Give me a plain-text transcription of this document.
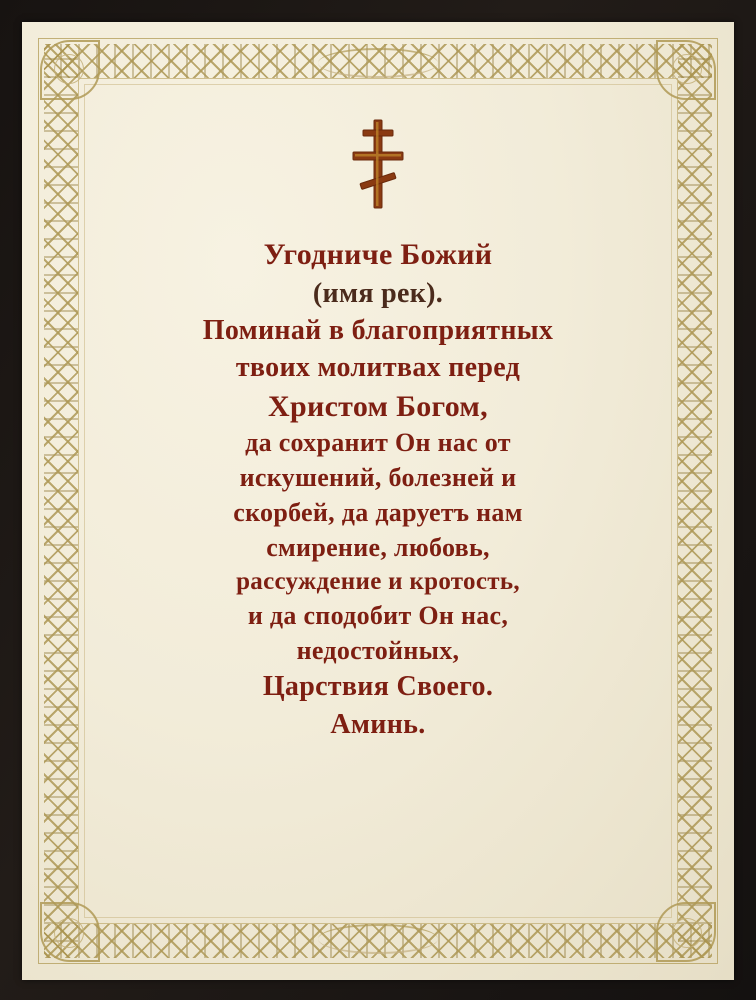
Угодниче Божий

(имя рек).

Поминай в благоприятных

твоих молитвах перед

Христом Богом,

да сохранит Он нас от

искушений, болезней и

скорбей, да даруетъ нам

смирение, любовь,

рассуждение и кротость,

и да сподобит Он нас,

недостойных,

Царствия Своего.

Аминь.
